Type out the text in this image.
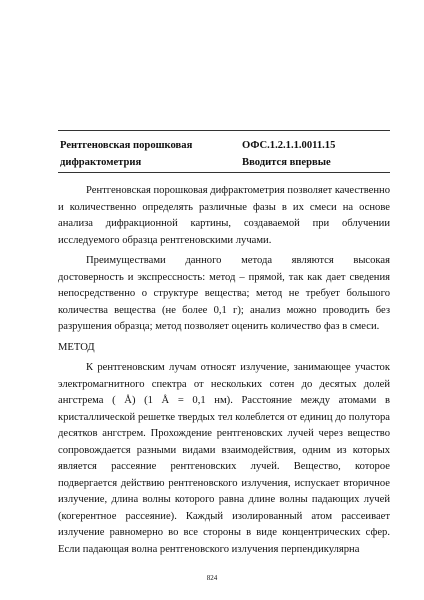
Рентгеновская порошковая
дифрактометрия
ОФС.1.2.1.1.0011.15
Вводится впервые

Рентгеновская порошковая дифрактометрия позволяет качественно и количественно определять различные фазы в их смеси на основе анализа дифракционной картины, создаваемой при облучении исследуемого образца рентгеновскими лучами.

Преимуществами данного метода являются высокая достоверность и экспрессность: метод – прямой, так как дает сведения непосредственно о структуре вещества; метод не требует большого количества вещества (не более 0,1 г); анализ можно проводить без разрушения образца; метод позволяет оценить количество фаз в смеси.

МЕТОД

К рентгеновским лучам относят излучение, занимающее участок электромагнитного спектра от нескольких сотен до десятых долей ангстрема ( Å) (1 Å = 0,1 нм). Расстояние между атомами в кристаллической решетке твердых тел колеблется от единиц до полутора десятков ангстрем. Прохождение рентгеновских лучей через вещество сопровождается разными видами взаимодействия, одним из которых является рассеяние рентгеновских лучей. Вещество, которое подвергается действию рентгеновского излучения, испускает вторичное излучение, длина волны которого равна длине волны падающих лучей (когерентное рассеяние). Каждый изолированный атом рассеивает излучение равномерно во все стороны в виде концентрических сфер. Если падающая волна рентгеновского излучения перпендикулярна

824
